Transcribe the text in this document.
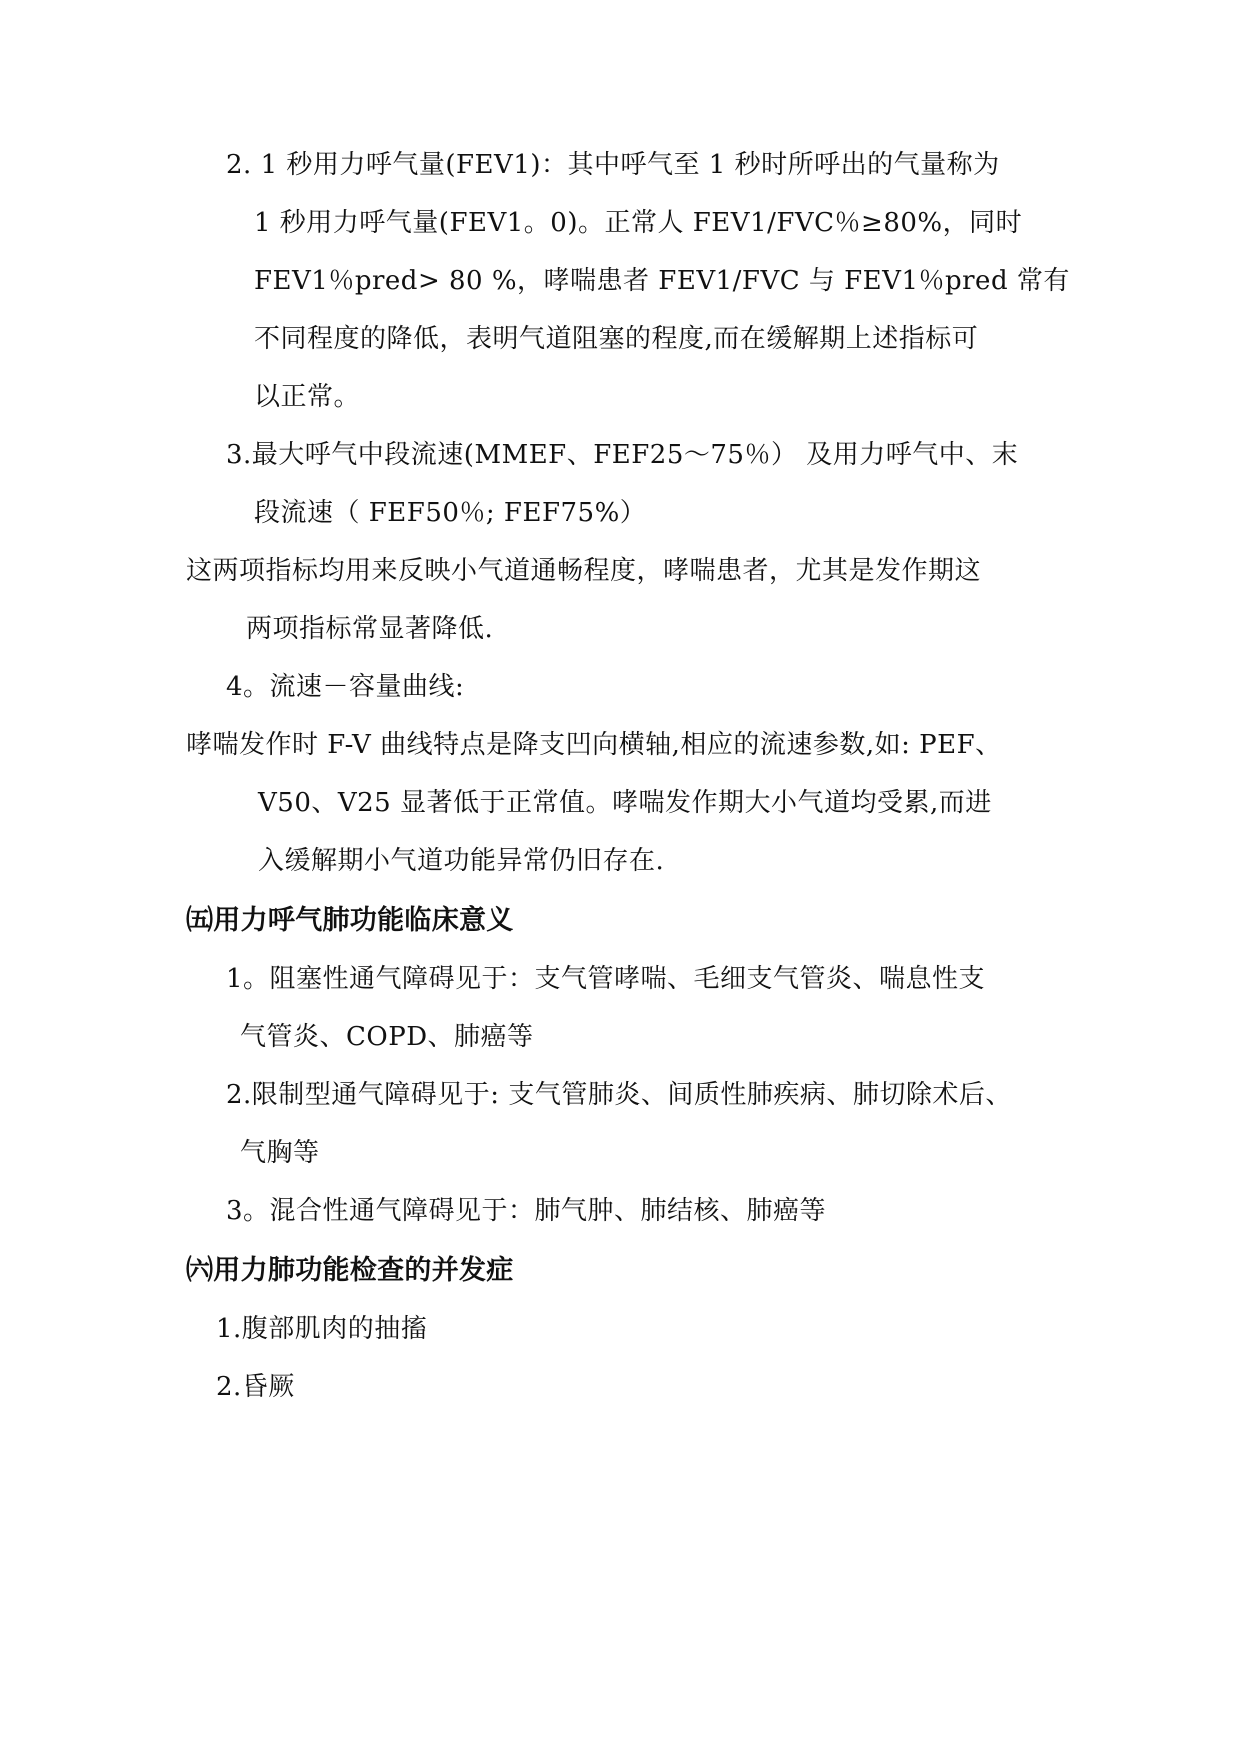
2. 1 秒用力呼气量(FEV1)：其中呼气至 1 秒时所呼出的气量称为
1 秒用力呼气量(FEV1。0)。正常人 FEV1/FVC％≥80%，同时
FEV1％pred> 80 %，哮喘患者 FEV1/FVC 与 FEV1％pred 常有
不同程度的降低，表明气道阻塞的程度,而在缓解期上述指标可
以正常。
3.最大呼气中段流速(MMEF、FEF25～75％） 及用力呼气中、末
段流速（ FEF50％; FEF75%）
这两项指标均用来反映小气道通畅程度，哮喘患者，尤其是发作期这
两项指标常显著降低.
4。流速－容量曲线:
哮喘发作时 F-V 曲线特点是降支凹向横轴,相应的流速参数,如: PEF、
V50、V25 显著低于正常值。哮喘发作期大小气道均受累,而进
入缓解期小气道功能异常仍旧存在.
㈤用力呼气肺功能临床意义
1。阻塞性通气障碍见于：支气管哮喘、毛细支气管炎、喘息性支
气管炎、COPD、肺癌等
2.限制型通气障碍见于: 支气管肺炎、间质性肺疾病、肺切除术后、
气胸等
3。混合性通气障碍见于：肺气肿、肺结核、肺癌等
㈥用力肺功能检查的并发症
1.腹部肌肉的抽搐
2.昏厥
